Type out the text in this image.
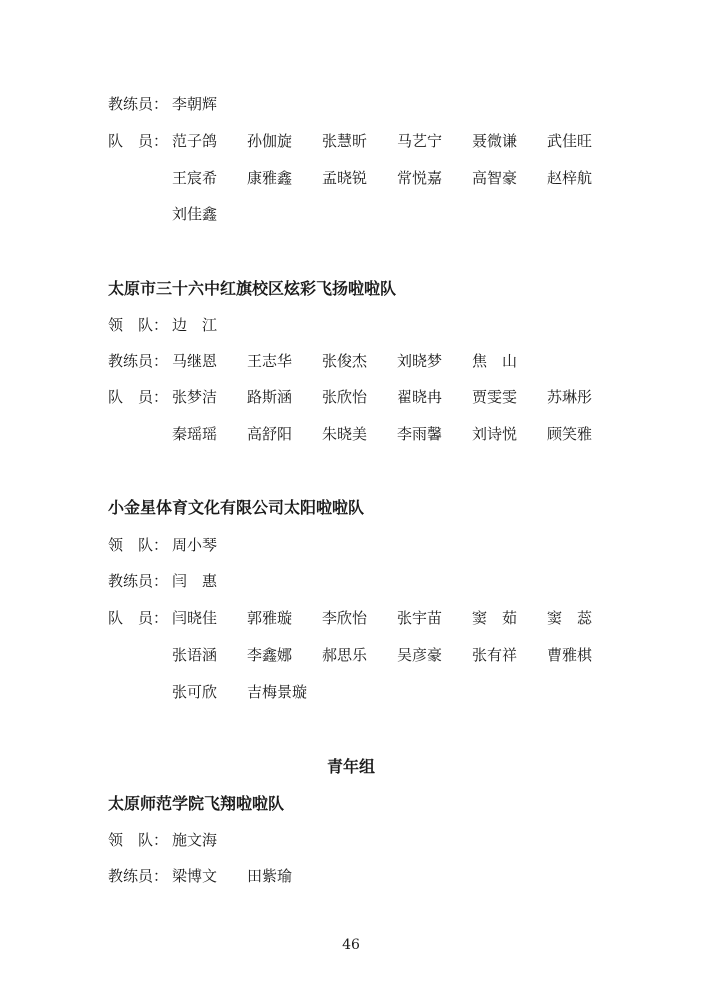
教练员： 李朝辉
队　员： 范子鸽 孙伽旋 张慧昕 马艺宁 聂微谦 武佳旺
王宸希 康雅鑫 孟晓锐 常悦嘉 高智豪 赵梓航
刘佳鑫
太原市三十六中红旗校区炫彩飞扬啦啦队
领　队： 边　江
教练员： 马继恩 王志华 张俊杰 刘晓梦 焦　山
队　员： 张梦洁 路斯涵 张欣怡 翟晓冉 贾雯雯 苏琳彤
秦瑶瑶 高舒阳 朱晓美 李雨馨 刘诗悦 顾笑雅
小金星体育文化有限公司太阳啦啦队
领　队： 周小琴
教练员： 闫　惠
队　员： 闫晓佳 郭雅璇 李欣怡 张宇苗 窦　茹 窦　蕊
张语涵 李鑫娜 郝思乐 吴彦豪 张有祥 曹雅棋
张可欣 吉梅景璇
青年组
太原师范学院飞翔啦啦队
领　队： 施文海
教练员： 梁博文 田紫瑜
46
